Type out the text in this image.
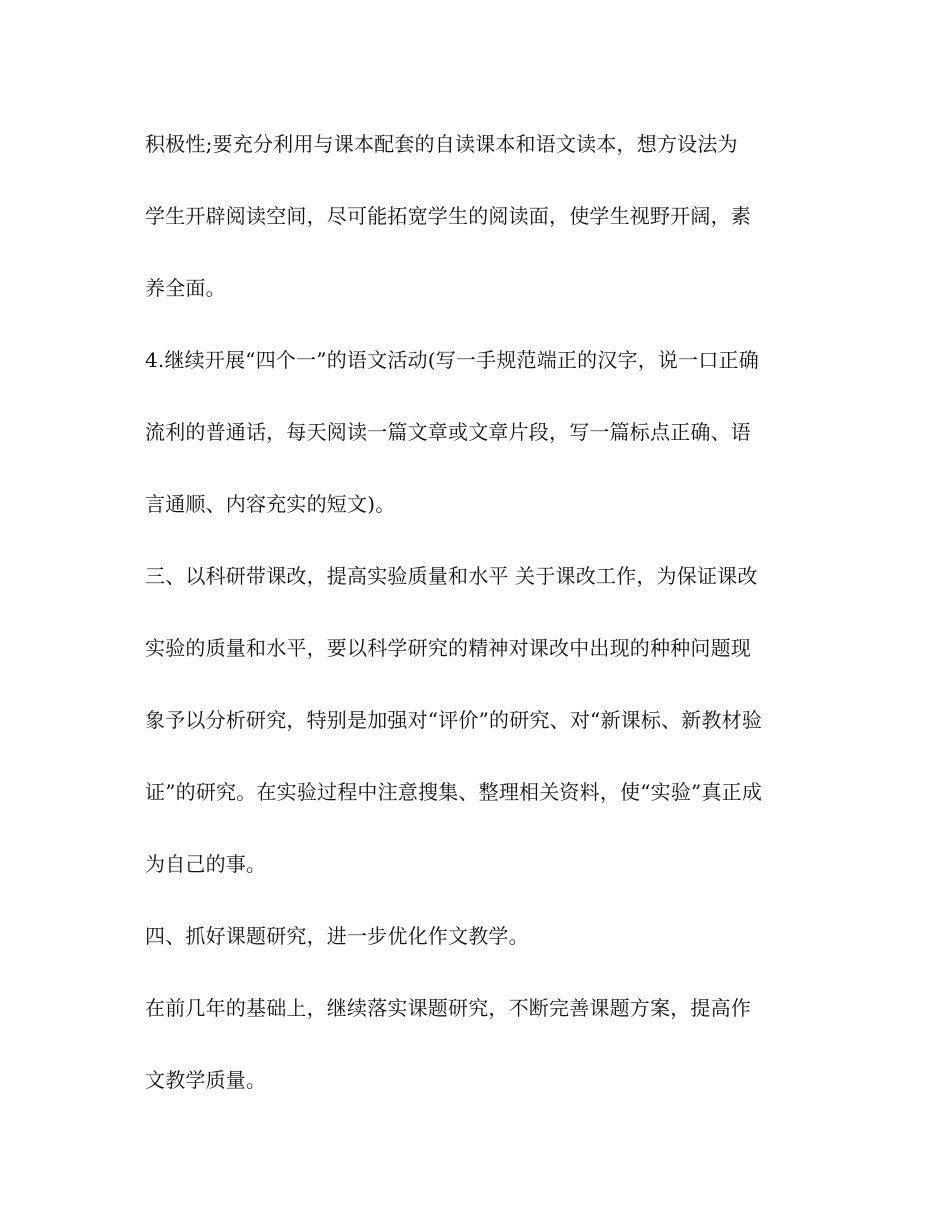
积极性;要充分利用与课本配套的自读课本和语文读本，想方设法为

学生开辟阅读空间，尽可能拓宽学生的阅读面，使学生视野开阔，素

养全面。

4.继续开展“四个一”的语文活动(写一手规范端正的汉字，说一口正确

流利的普通话，每天阅读一篇文章或文章片段，写一篇标点正确、语

言通顺、内容充实的短文)。

三、以科研带课改，提高实验质量和水平 关于课改工作，为保证课改

实验的质量和水平，要以科学研究的精神对课改中出现的种种问题现

象予以分析研究，特别是加强对“评价”的研究、对“新课标、新教材验

证”的研究。在实验过程中注意搜集、整理相关资料，使“实验”真正成

为自己的事。

四、抓好课题研究，进一步优化作文教学。

在前几年的基础上，继续落实课题研究，不断完善课题方案，提高作

文教学质量。
